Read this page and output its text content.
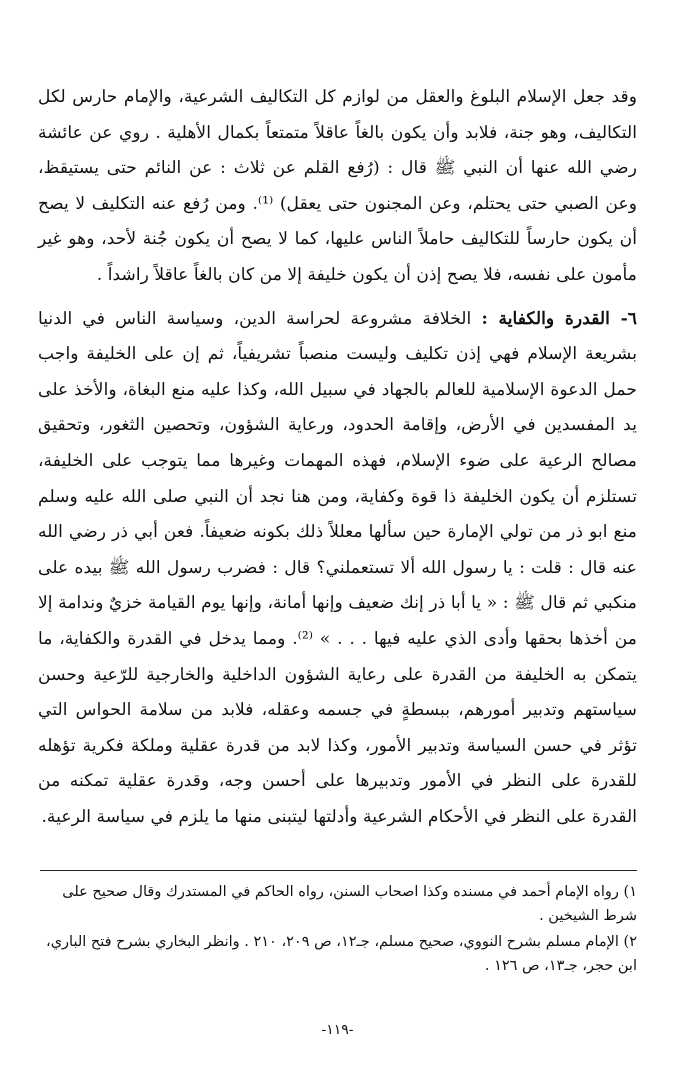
وقد جعل الإسلام البلوغ والعقل من لوازم كل التكاليف الشرعية، والإمام حارس لكل التكاليف، وهو جنة، فلابد وأن يكون بالغاً عاقلاً متمتعاً بكمال الأهلية . روي عن عائشة رضي الله عنها أن النبي ﷺ قال : (رُفع القلم عن ثلاث : عن النائم حتى يستيقظ، وعن الصبي حتى يحتلم، وعن المجنون حتى يعقل) ⁽¹⁾. ومن رُفع عنه التكليف لا يصح أن يكون حارساً للتكاليف حاملاً الناس عليها، كما لا يصح أن يكون جُنة لأحد، وهو غير مأمون على نفسه، فلا يصح إذن أن يكون خليفة إلا من كان بالغاً عاقلاً راشداً .

٦- القدرة والكفاية : الخلافة مشروعة لحراسة الدين، وسياسة الناس في الدنيا بشريعة الإسلام فهي إذن تكليف وليست منصباً تشريفياً، ثم إن على الخليفة واجب حمل الدعوة الإسلامية للعالم بالجهاد في سبيل الله، وكذا عليه منع البغاة، والأخذ على يد المفسدين في الأرض، وإقامة الحدود، ورعاية الشؤون، وتحصين الثغور، وتحقيق مصالح الرعية على ضوء الإسلام، فهذه المهمات وغيرها مما يتوجب على الخليفة، تستلزم أن يكون الخليفة ذا قوة وكفاية، ومن هنا نجد أن النبي صلى الله عليه وسلم منع ابو ذر من تولي الإمارة حين سألها معللاً ذلك بكونه ضعيفاً. فعن أبي ذر رضي الله عنه قال : قلت : يا رسول الله ألا تستعملني؟ قال : فضرب رسول الله ﷺ بيده على منكبي ثم قال ﷺ : « يا أبا ذر إنك ضعيف وإنها أمانة، وإنها يوم القيامة خزيٌ وندامة إلا من أخذها بحقها وأدى الذي عليه فيها . . . » ⁽²⁾. ومما يدخل في القدرة والكفاية، ما يتمكن به الخليفة من القدرة على رعاية الشؤون الداخلية والخارجية للرّعية وحسن سياستهم وتدبير أمورهم، ببسطةٍ في جسمه وعقله، فلابد من سلامة الحواس التي تؤثر في حسن السياسة وتدبير الأمور، وكذا لابد من قدرة عقلية وملكة فكرية تؤهله للقدرة على النظر في الأمور وتدبيرها على أحسن وجه، وقدرة عقلية تمكنه من القدرة على النظر في الأحكام الشرعية وأدلتها ليتبنى منها ما يلزم في سياسة الرعية.

١) رواه الإمام أحمد في مسنده وكذا اصحاب السنن، رواه الحاكم في المستدرك وقال صحيح على شرط الشيخين .

٢) الإمام مسلم بشرح النووي، صحيح مسلم، جـ١٢، ص ٢٠٩، ٢١٠ . وانظر البخاري بشرح فتح الباري، ابن حجر، جـ١٣، ص ١٢٦ .

-١١٩-
